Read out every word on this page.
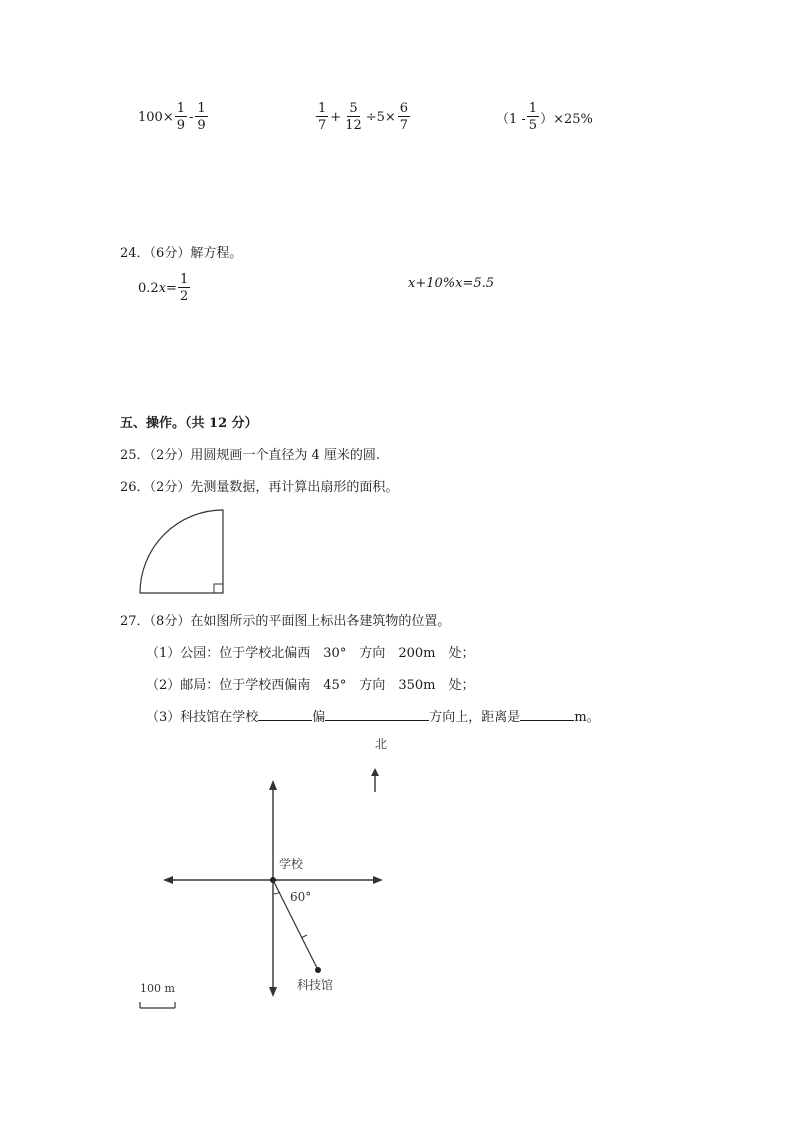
$100\times \frac{1}{9} - \frac{1}{9}$	$\frac{1}{7} + \frac{5}{12} \div 5\times \frac{6}{7}$	$(1 - \frac{1}{5} )\times 25\%$
24．（6分）解方程。
0.2 $x = \frac{1}{2}$	x+10%x=5.5
五、操作。（共 12 分）
25．（2分）用圆规画一个直径为 4 厘米的圆.
26．（2分）先测量数据，再计算出扇形的面积。
27．（8分）在如图所示的平面图上标出各建筑物的位置。
（1）公园：位于学校北偏西　30°　方向　200m　处；
（2）邮局：位于学校西偏南　45°　方向　350m　处；
（3）科技馆在学校	偏	方向上，距离是	m。
北
学校
60°
科技馆
100 m
